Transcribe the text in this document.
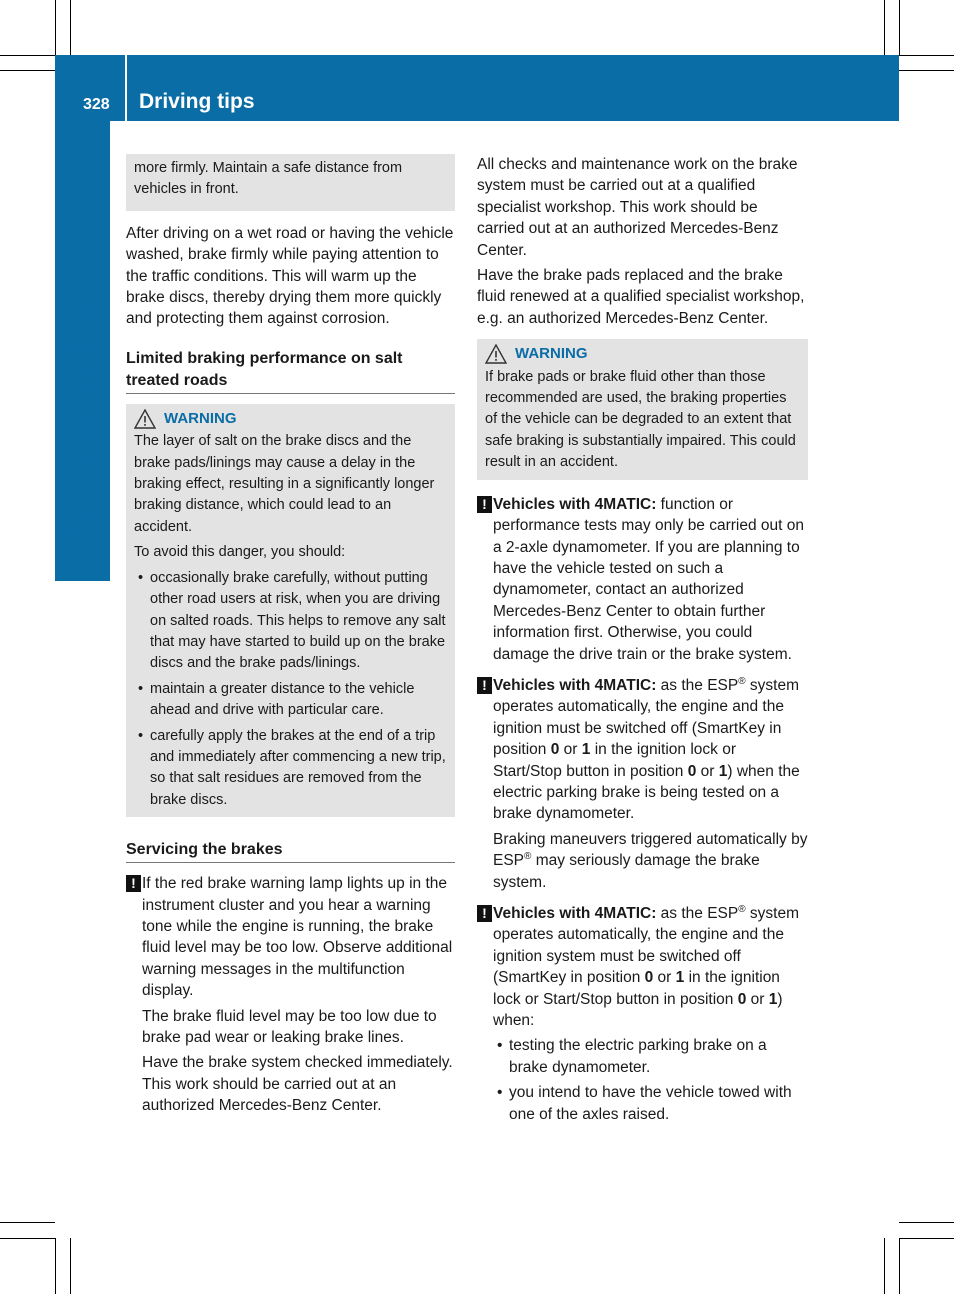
328 Driving tips
Driving and parking

more firmly. Maintain a safe distance from vehicles in front.

After driving on a wet road or having the vehicle washed, brake firmly while paying attention to the traffic conditions. This will warm up the brake discs, thereby drying them more quickly and protecting them against corrosion.

Limited braking performance on salt treated roads
WARNING

The layer of salt on the brake discs and the brake pads/linings may cause a delay in the braking effect, resulting in a significantly longer braking distance, which could lead to an accident.

To avoid this danger, you should:

• occasionally brake carefully, without putting other road users at risk, when you are driving on salted roads. This helps to remove any salt that may have started to build up on the brake discs and the brake pads/linings.
• maintain a greater distance to the vehicle ahead and drive with particular care.
• carefully apply the brakes at the end of a trip and immediately after commencing a new trip, so that salt residues are removed from the brake discs.
Servicing the brakes
! If the red brake warning lamp lights up in the instrument cluster and you hear a warning tone while the engine is running, the brake fluid level may be too low. Observe additional warning messages in the multifunction display.

The brake fluid level may be too low due to brake pad wear or leaking brake lines.

Have the brake system checked immediately. This work should be carried out at an authorized Mercedes-Benz Center.

All checks and maintenance work on the brake system must be carried out at a qualified specialist workshop. This work should be carried out at an authorized Mercedes-Benz Center.

Have the brake pads replaced and the brake fluid renewed at a qualified specialist workshop, e.g. an authorized Mercedes-Benz Center.

WARNING

If brake pads or brake fluid other than those recommended are used, the braking properties of the vehicle can be degraded to an extent that safe braking is substantially impaired. This could result in an accident.

! Vehicles with 4MATIC: function or performance tests may only be carried out on a 2-axle dynamometer. If you are planning to have the vehicle tested on such a dynamometer, contact an authorized Mercedes-Benz Center to obtain further information first. Otherwise, you could damage the drive train or the brake system.

! Vehicles with 4MATIC: as the ESP® system operates automatically, the engine and the ignition must be switched off (SmartKey in position 0 or 1 in the ignition lock or Start/Stop button in position 0 or 1) when the electric parking brake is being tested on a brake dynamometer.

Braking maneuvers triggered automatically by ESP® may seriously damage the brake system.

! Vehicles with 4MATIC: as the ESP® system operates automatically, the engine and the ignition system must be switched off (SmartKey in position 0 or 1 in the ignition lock or Start/Stop button in position 0 or 1) when:

• testing the electric parking brake on a brake dynamometer.
• you intend to have the vehicle towed with one of the axles raised.
